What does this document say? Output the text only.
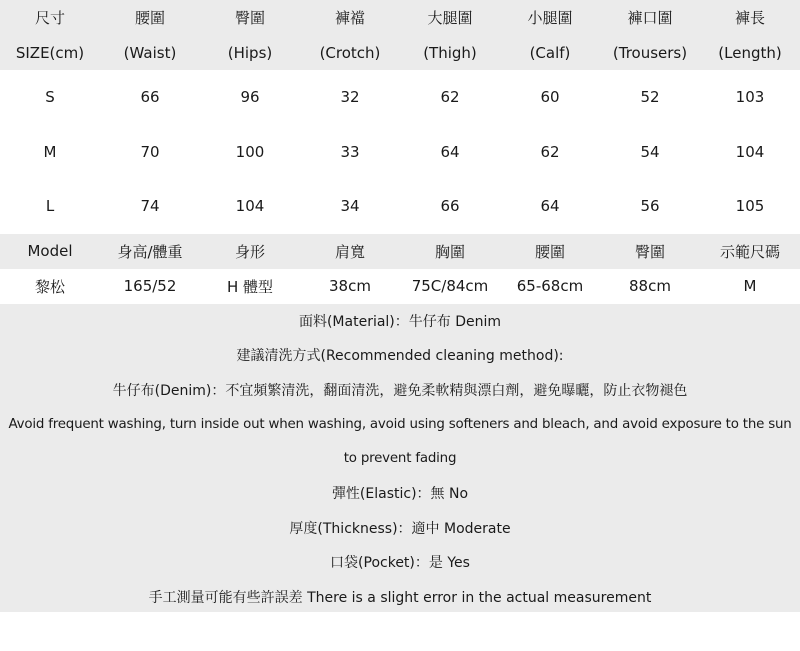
尺寸	腰圍	臀圍	褲襠	大腿圍	小腿圍	褲口圍	褲長
SIZE(cm)	(Waist)	(Hips)	(Crotch)	(Thigh)	(Calf)	(Trousers)	(Length)
S	66	96	32	62	60	52	103
M	70	100	33	64	62	54	104
L	74	104	34	66	64	56	105
Model	身高/體重	身形	肩寬	胸圍	腰圍	臀圍	示範尺碼
黎松	165/52	H 體型	38cm	75C/84cm	65-68cm	88cm	M
面料(Material)：牛仔布 Denim
建議清洗方式(Recommended cleaning method):
牛仔布(Denim)：不宜頻繁清洗，翻面清洗，避免柔軟精與漂白劑，避免曝曬，防止衣物褪色
Avoid frequent washing, turn inside out when washing, avoid using softeners and bleach, and avoid exposure to the sun
to prevent fading
彈性(Elastic)：無 No
厚度(Thickness)：適中 Moderate
口袋(Pocket)：是 Yes
手工測量可能有些許誤差 There is a slight error in the actual measurement
